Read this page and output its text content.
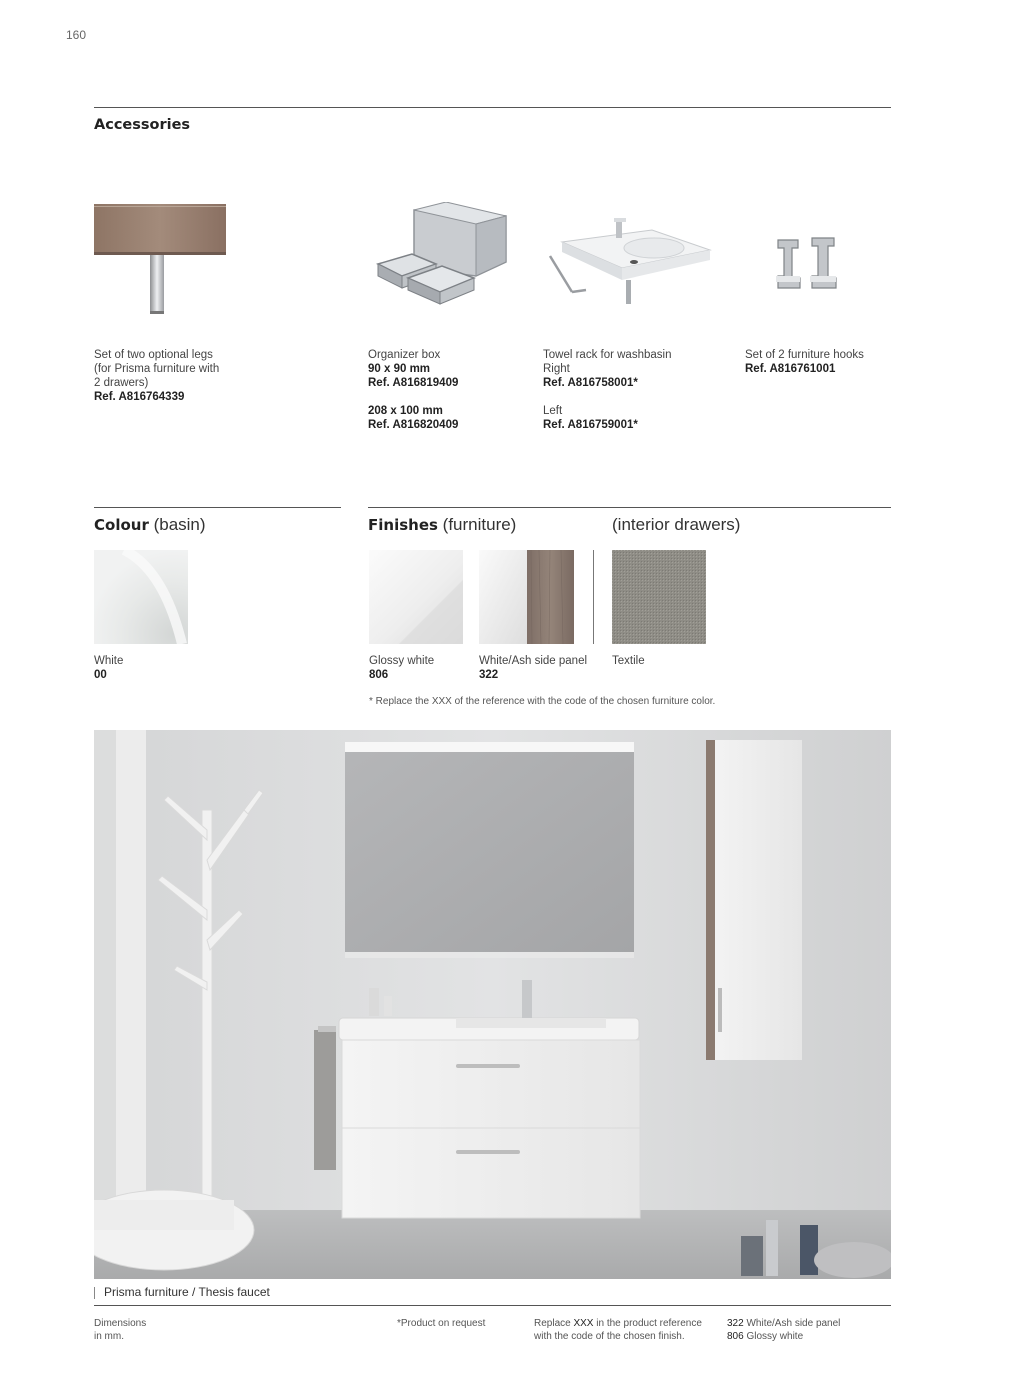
160
Accessories
Set of two optional legs
(for Prisma furniture with
2 drawers)
Ref. A816764339
Organizer box
90 x 90 mm
Ref. A816819409
208 x 100 mm
Ref. A816820409
Towel rack for washbasin
Right
Ref. A816758001*
Left
Ref. A816759001*
Set of 2 furniture hooks
Ref. A816761001
Colour (basin)	Finishes (furniture)	(interior drawers)
White
00
Glossy white
806
White/Ash side panel
322
Textile
* Replace the XXX of the reference with the code of the chosen furniture color.
Prisma furniture / Thesis faucet
Dimensions
in mm.
*Product on request	Replace XXX in the product reference
with the code of the chosen finish.
322 White/Ash side panel
806 Glossy white
